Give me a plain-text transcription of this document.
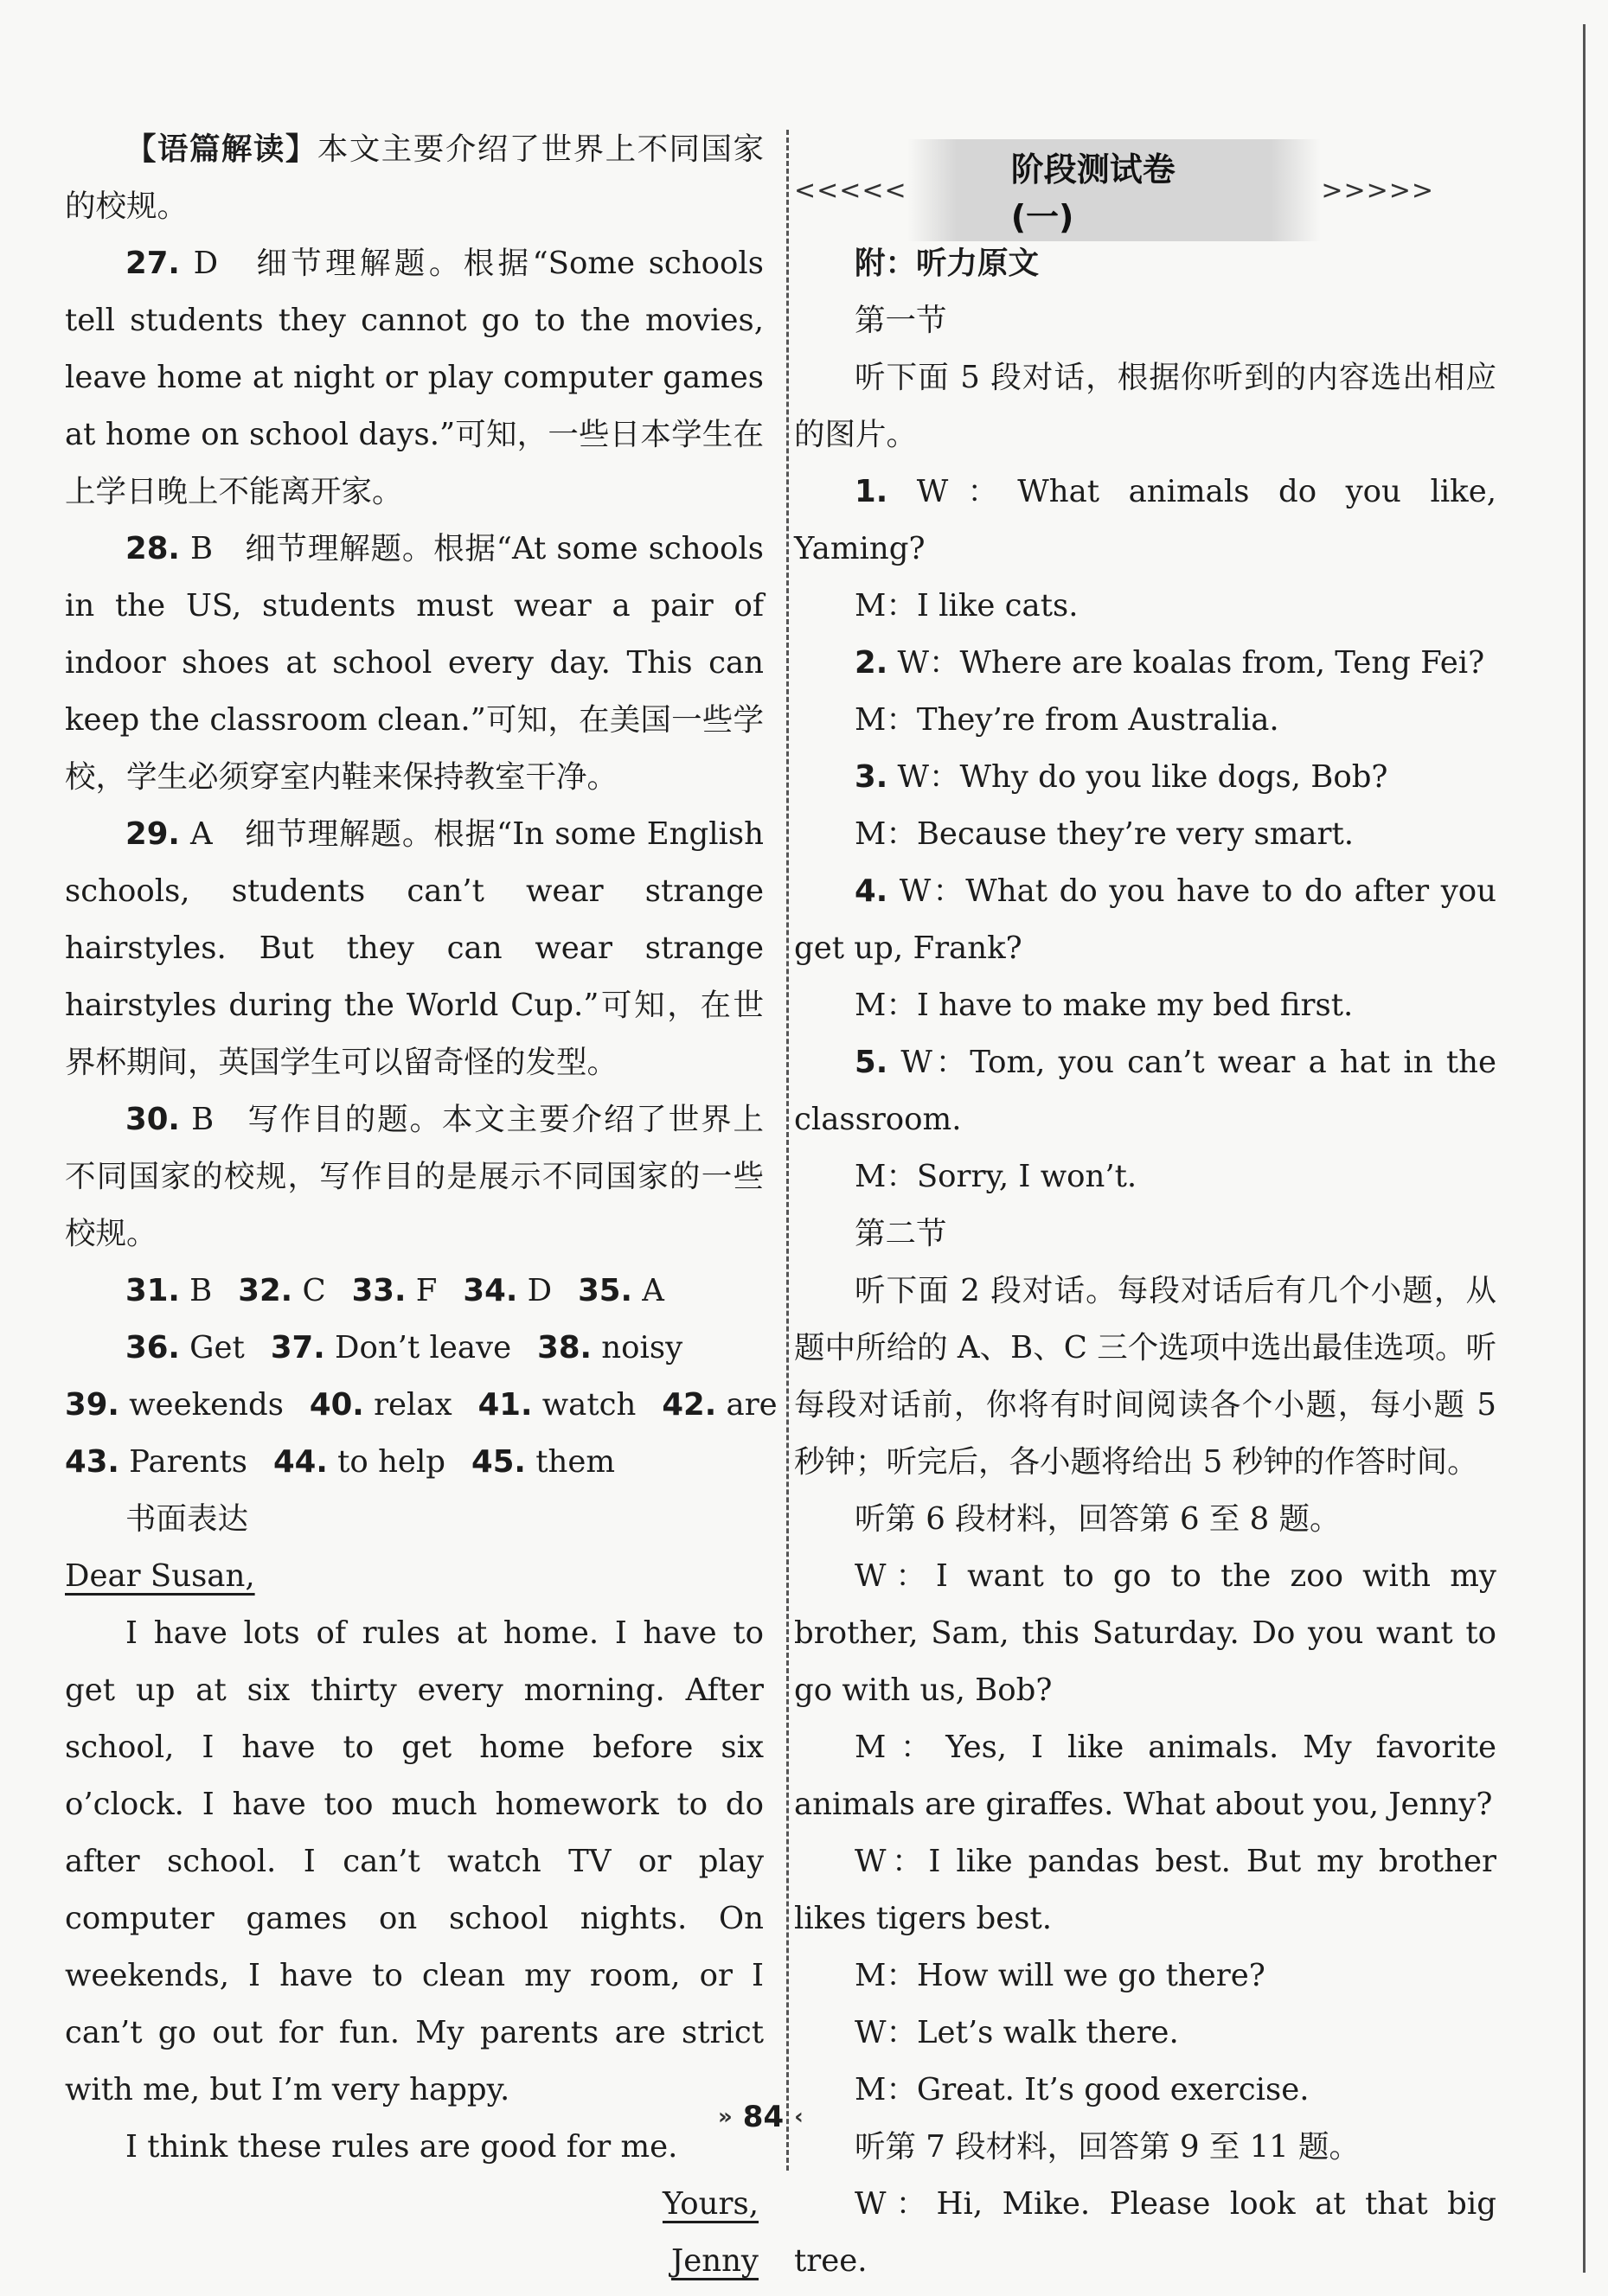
【语篇解读】本文主要介绍了世界上不同国家的校规。

27. D　细节理解题。根据“Some schools tell students they cannot go to the movies, leave home at night or play computer games at home on school days.”可知，一些日本学生在上学日晚上不能离开家。

28. B　细节理解题。根据“At some schools in the US, students must wear a pair of indoor shoes at school every day. This can keep the classroom clean.”可知，在美国一些学校，学生必须穿室内鞋来保持教室干净。

29. A　细节理解题。根据“In some English schools, students can’t wear strange hairstyles. But they can wear strange hairstyles during the World Cup.”可知，在世界杯期间，英国学生可以留奇怪的发型。

30. B　写作目的题。本文主要介绍了世界上不同国家的校规，写作目的是展示不同国家的一些校规。

31. B 32. C 33. F 34. D 35. A

36. Get 37. Don’t leave 38. noisy

39. weekends 40. relax 41. watch 42. are

43. Parents 44. to help 45. them

书面表达

Dear Susan,

I have lots of rules at home. I have to get up at six thirty every morning. After school, I have to get home before six o’clock. I have too much homework to do after school. I can’t watch TV or play computer games on school nights. On weekends, I have to clean my room, or I can’t go out for fun. My parents are strict with me, but I’m very happy.

I think these rules are good for me.

Yours,

Jenny

<<<<<
阶段测试卷(一)
>>>>>

附：听力原文

第一节

听下面 5 段对话，根据你听到的内容选出相应的图片。

1. W：What animals do you like, Yaming?

M：I like cats.

2. W：Where are koalas from, Teng Fei?

M：They’re from Australia.

3. W：Why do you like dogs, Bob?

M：Because they’re very smart.

4. W：What do you have to do after you get up, Frank?

M：I have to make my bed first.

5. W：Tom, you can’t wear a hat in the classroom.

M：Sorry, I won’t.

第二节

听下面 2 段对话。每段对话后有几个小题，从题中所给的 A、B、C 三个选项中选出最佳选项。听每段对话前，你将有时间阅读各个小题，每小题 5 秒钟；听完后，各小题将给出 5 秒钟的作答时间。

听第 6 段材料，回答第 6 至 8 题。

W：I want to go to the zoo with my brother, Sam, this Saturday. Do you want to go with us, Bob?

M：Yes, I like animals. My favorite animals are giraffes. What about you, Jenny?

W：I like pandas best. But my brother likes tigers best.

M：How will we go there?

W：Let’s walk there.

M：Great. It’s good exercise.

听第 7 段材料，回答第 9 至 11 题。

W：Hi, Mike. Please look at that big tree.

» 84 ‹
